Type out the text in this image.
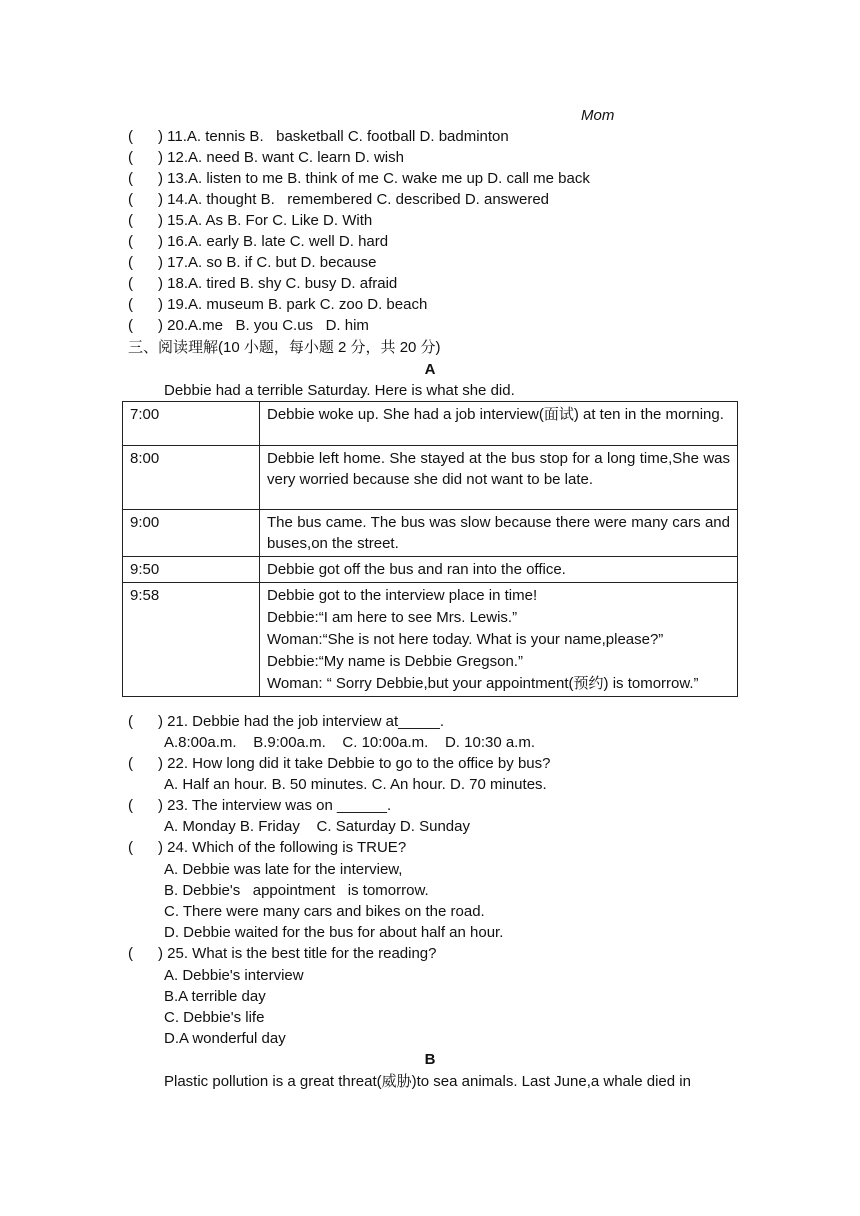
Mom
(      ) 11.A. tennis B.   basketball C. football D. badminton
(      ) 12.A. need B. want C. learn D. wish
(      ) 13.A. listen to me B. think of me C. wake me up D. call me back
(      ) 14.A. thought B.   remembered C. described D. answered
(      ) 15.A. As B. For C. Like D. With
(      ) 16.A. early B. late C. well D. hard
(      ) 17.A. so B. if C. but D. because
(      ) 18.A. tired B. shy C. busy D. afraid
(      ) 19.A. museum B. park C. zoo D. beach
(      ) 20.A.me   B. you C.us   D. him
三、阅读理解(10 小题，每小题 2 分，共 20 分)
A
Debbie had a terrible Saturday. Here is what she did.
7:00	Debbie woke up. She had a job interview(面试) at ten in the morning.
8:00	Debbie left home. She stayed at the bus stop for a long time,She was very worried because she did not want to be late.
9:00	The bus came. The bus was slow because there were many cars and buses,on the street.
9:50	Debbie got off the bus and ran into the office.
9:58	Debbie got to the interview place in time!
Debbie:“I am here to see Mrs. Lewis.”
Woman:“She is not here today. What is your name,please?”
Debbie:“My name is Debbie Gregson.”
Woman: “ Sorry Debbie,but your appointment(预约) is tomorrow.”
(      ) 21. Debbie had the job interview at_____.
A.8:00a.m.    B.9:00a.m.    C. 10:00a.m.    D. 10:30 a.m.
(      ) 22. How long did it take Debbie to go to the office by bus?
A. Half an hour. B. 50 minutes. C. An hour. D. 70 minutes.
(      ) 23. The interview was on ______.
A. Monday B. Friday    C. Saturday D. Sunday
(      ) 24. Which of the following is TRUE?
A. Debbie was late for the interview,
B. Debbie's   appointment   is tomorrow.
C. There were many cars and bikes on the road.
D. Debbie waited for the bus for about half an hour.
(      ) 25. What is the best title for the reading?
A. Debbie's interview
B.A terrible day
C. Debbie's life
D.A wonderful day
B
Plastic pollution is a great threat(威胁)to sea animals. Last June,a whale died in
